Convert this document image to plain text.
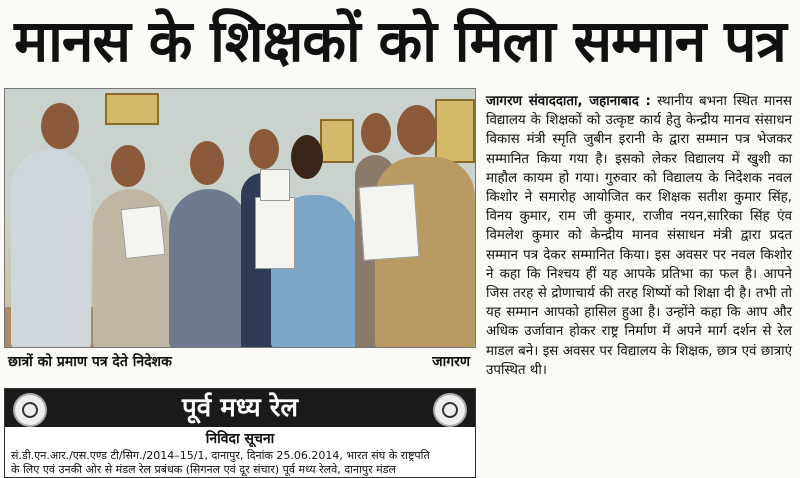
मानस के शिक्षकों को मिला सम्मान पत्र
छात्रों को प्रमाण पत्र देते निदेशक	जागरण
जागरण संवाददाता, जहानाबाद : स्थानीय बभना स्थित मानस विद्यालय के शिक्षकों को उत्कृष्ट कार्य हेतु केन्द्रीय मानव संसाधन विकास मंत्री स्मृति जुबीन इरानी के द्वारा सम्मान पत्र भेजकर सम्मानित किया गया है। इसको लेकर विद्यालय में खुशी का माहौल कायम हो गया। गुरुवार को विद्यालय के निदेशक नवल किशोर ने समारोह आयोजित कर शिक्षक सतीश कुमार सिंह, विनय कुमार, राम जी कुमार, राजीव नयन,सारिका सिंह एंव विमलेश कुमार को केन्द्रीय मानव संसाधन मंत्री द्वारा प्रदत सम्मान पत्र देकर सम्मानित किया। इस अवसर पर नवल किशोर ने कहा कि निश्चय हीं यह आपके प्रतिभा का फल है। आपने जिस तरह से द्रोणाचार्य की तरह शिष्यों को शिक्षा दी है। तभी तो यह सम्मान आपको हासिल हुआ है। उन्होंने कहा कि आप और अधिक उर्जावान होकर राष्ट्र निर्माण में अपने मार्ग दर्शन से रेल माडल बने। इस अवसर पर विद्यालय के शिक्षक, छात्र एवं छात्राएं उपस्थित थी।
पूर्व मध्य रेल
निविदा सूचना
सं.डी.एन.आर./एस.एण्ड टी/सिग./2014–15/1, दानापुर, दिनांक 25.06.2014, भारत संघ के राष्ट्रपति
के लिए एवं उनकी ओर से मंडल रेल प्रबंधक (सिगनल एवं दूर संचार) पूर्व मध्य रेलवे, दानापुर मंडल
